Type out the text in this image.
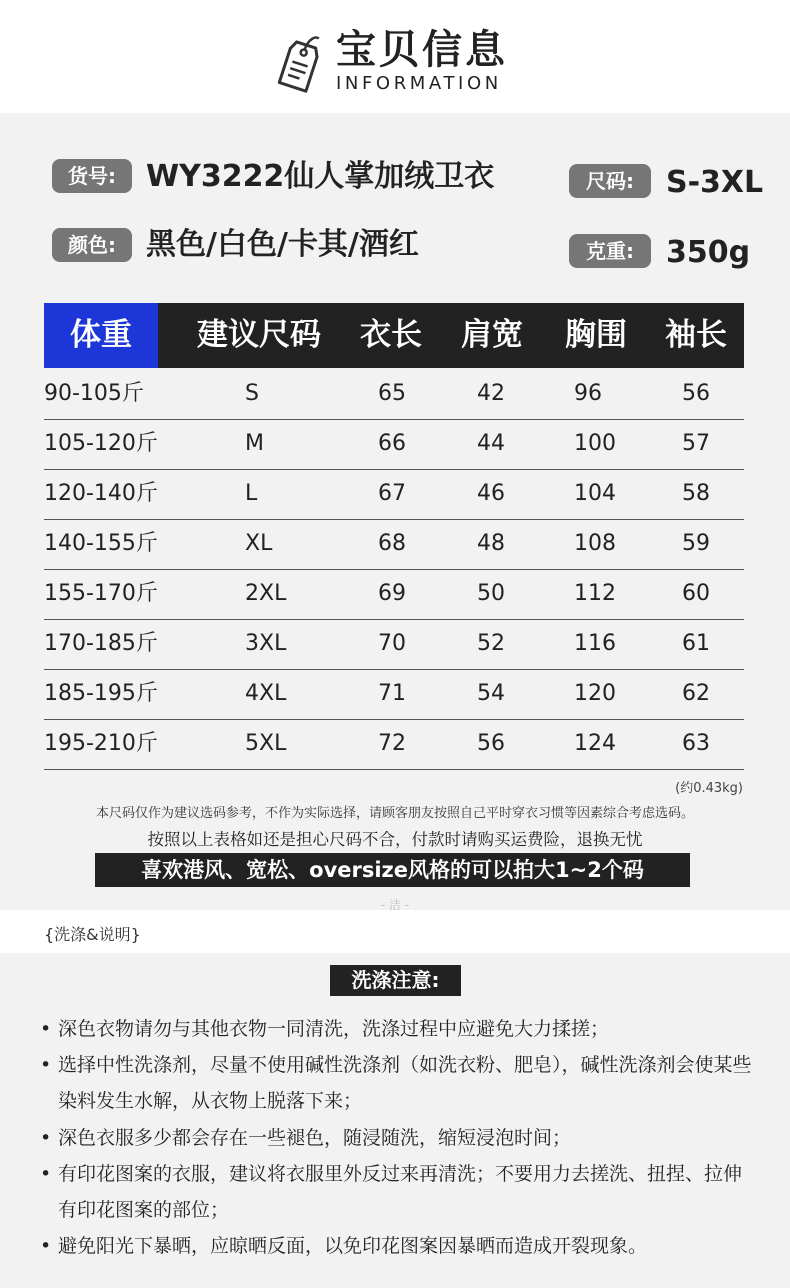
宝贝信息
INFORMATION
货号:	WY3222仙人掌加绒卫衣	尺码:	S-3XL
颜色:	黑色/白色/卡其/酒红	克重:	350g
体重	建议尺码	衣长	肩宽	胸围	袖长
90-105斤	S	65	42	96	56
105-120斤	M	66	44	100	57
120-140斤	L	67	46	104	58
140-155斤	XL	68	48	108	59
155-170斤	2XL	69	50	112	60
170-185斤	3XL	70	52	116	61
185-195斤	4XL	71	54	120	62
195-210斤	5XL	72	56	124	63
(约0.43kg)
本尺码仅作为建议选码参考，不作为实际选择，请顾客朋友按照自己平时穿衣习惯等因素综合考虑选码。
按照以上表格如还是担心尺码不合，付款时请购买运费险，退换无忧
喜欢港风、宽松、oversize风格的可以拍大1~2个码
- 洁 -
{洗涤&说明}
洗涤注意:
• 深色衣物请勿与其他衣物一同清洗，洗涤过程中应避免大力揉搓；
• 选择中性洗涤剂，尽量不使用碱性洗涤剂（如洗衣粉、肥皂），碱性洗涤剂会使某些染料发生水解，从衣物上脱落下来；
• 深色衣服多少都会存在一些褪色，随浸随洗，缩短浸泡时间；
• 有印花图案的衣服，建议将衣服里外反过来再清洗；不要用力去搓洗、扭捏、拉伸有印花图案的部位；
• 避免阳光下暴晒，应晾晒反面，以免印花图案因暴晒而造成开裂现象。
